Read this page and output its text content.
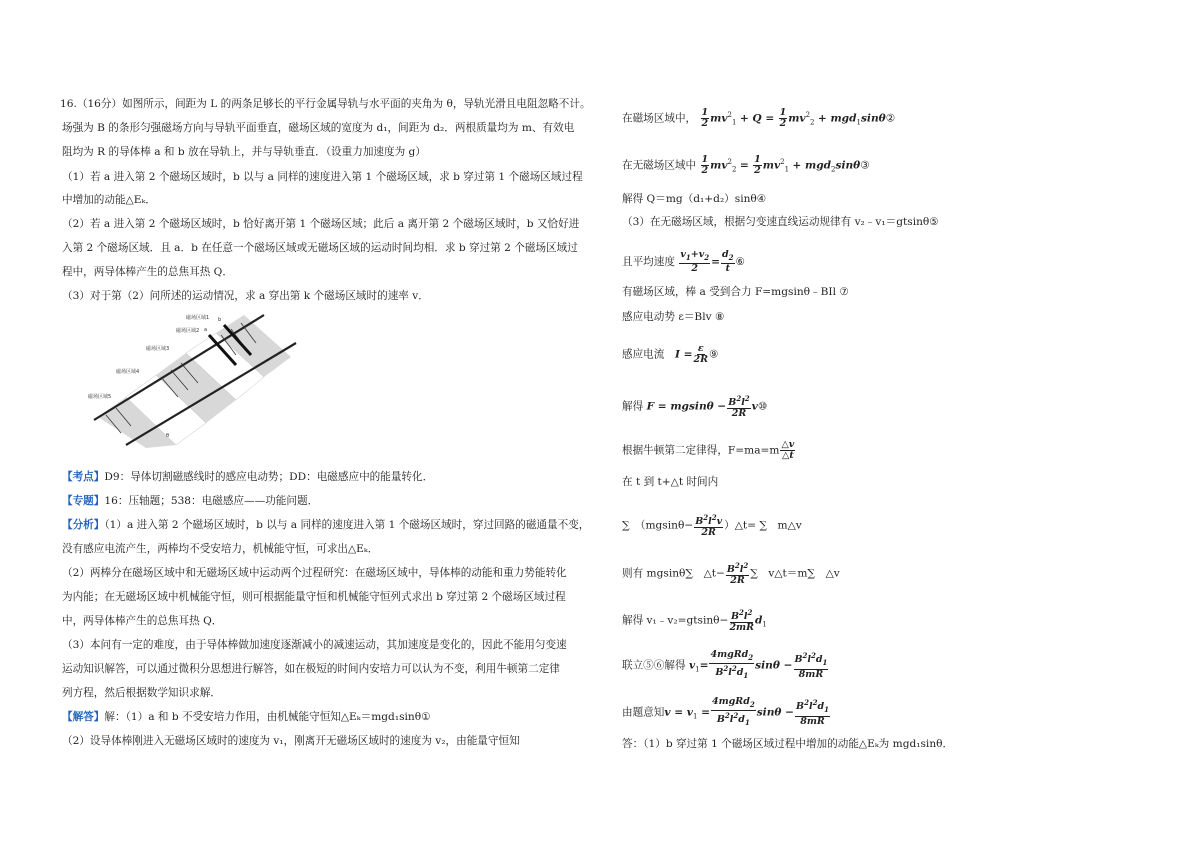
16.（16分）如图所示，间距为 L 的两条足够长的平行金属导轨与水平面的夹角为 θ，导轨光滑且电阻忽略不计。
场强为 B 的条形匀强磁场方向与导轨平面垂直，磁场区域的宽度为 d₁，间距为 d₂．两根质量均为 m、有效电
阻均为 R 的导体棒 a 和 b 放在导轨上，并与导轨垂直．（设重力加速度为 g）
（1）若 a 进入第 2 个磁场区域时，b 以与 a 同样的速度进入第 1 个磁场区域，求 b 穿过第 1 个磁场区域过程
中增加的动能△Eₖ．
（2）若 a 进入第 2 个磁场区域时，b 恰好离开第 1 个磁场区域；此后 a 离开第 2 个磁场区域时，b 又恰好进
入第 2 个磁场区域．且 a．b 在任意一个磁场区域或无磁场区域的运动时间均相．求 b 穿过第 2 个磁场区域过
程中，两导体棒产生的总焦耳热 Q．
（3）对于第（2）问所述的运动情况，求 a 穿出第 k 个磁场区域时的速率 v．
【考点】D9：导体切割磁感线时的感应电动势；DD：电磁感应中的能量转化．
【专题】16：压轴题；538：电磁感应——功能问题．
【分析】（1）a 进入第 2 个磁场区域时，b 以与 a 同样的速度进入第 1 个磁场区域时，穿过回路的磁通量不变，
没有感应电流产生，两棒均不受安培力，机械能守恒，可求出△Eₖ．
（2）两棒分在磁场区域中和无磁场区域中运动两个过程研究：在磁场区域中，导体棒的动能和重力势能转化
为内能；在无磁场区域中机械能守恒，则可根据能量守恒和机械能守恒列式求出 b 穿过第 2 个磁场区域过程
中，两导体棒产生的总焦耳热 Q．
（3）本问有一定的难度，由于导体棒做加速度逐渐减小的减速运动，其加速度是变化的，因此不能用匀变速
运动知识解答，可以通过微积分思想进行解答，如在极短的时间内安培力可以认为不变，利用牛顿第二定律
列方程，然后根据数学知识求解．
【解答】解：（1）a 和 b 不受安培力作用，由机械能守恒知△Eₖ＝mgd₁sinθ①
（2）设导体棒刚进入无磁场区域时的速度为 v₁，刚离开无磁场区域时的速度为 v₂，由能量守恒知
磁场区域1
磁场区域2
磁场区域3
磁场区域4
磁场区域5
a
b
θ
在磁场区域中， $\frac{1}{2} mv^2_1 + Q = \frac{1}{2} mv^2_2$ + mgd$_1$sinθ②
在无磁场区域中 $\frac{1}{2} mv^2_2 = \frac{1}{2} mv^2_1$ + mgd$_2$sinθ③
解得 Q＝mg（d₁+d₂）sinθ④
（3）在无磁场区域，根据匀变速直线运动规律有 v₂﹣v₁＝gtsinθ⑤
且平均速度 $\frac{v_1+v_2}{2} = \frac{d_2}{t}$ ⑥
有磁场区域，棒 a 受到合力 F=mgsinθ﹣BIl ⑦
感应电动势 ε＝Blv ⑧
感应电流　 $I = \frac{\varepsilon}{2R}$ ⑨
解得 $F = mgsin\theta - \frac{B^2l^2}{2R}$ v⑩
根据牛顿第二定律得，$F=ma=m \frac{\triangle v}{\triangle t}$
在 t 到 t+△t 时间内
∑　 （$mgsin\theta- \frac{B^2l^2v}{2R}$ ）△t= ∑　m△v
则有 mgsinθ∑　△t− $\frac{B^2l^2}{2R}$ ∑　v△t＝m∑　△v
解得 v₁﹣v₂=gtsinθ− $\frac{B^2l^2}{2mR} d_1$
联立⑤⑥解得 $v_1= \frac{4mgRd_2}{B^2l^2d_1}$ $\sin\theta - \frac{B^2l^2d_1}{8mR}$
由题意知$v = v_1 = \frac{4mgRd_2}{B^2l^2d_1}$ $\sin\theta - \frac{B^2l^2d_1}{8mR}$
答：（1）b 穿过第 1 个磁场区域过程中增加的动能△Eₖ为 mgd₁sinθ．
